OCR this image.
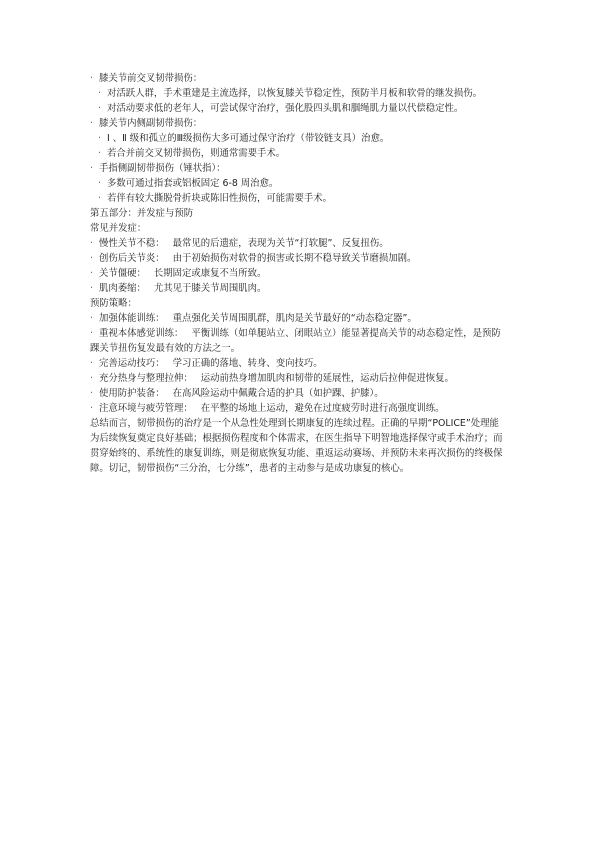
· 膝关节前交叉韧带损伤：
· 对活跃人群，手术重建是主流选择，以恢复膝关节稳定性，预防半月板和软骨的继发损伤。
· 对活动要求低的老年人，可尝试保守治疗，强化股四头肌和腘绳肌力量以代偿稳定性。
· 膝关节内侧副韧带损伤：
· Ⅰ 、Ⅱ 级和孤立的Ⅲ级损伤大多可通过保守治疗（带铰链支具）治愈。
· 若合并前交叉韧带损伤，则通常需要手术。
· 手指侧副韧带损伤（锤状指）：
· 多数可通过指套或铝板固定 6-8 周治愈。
· 若伴有较大撕脱骨折块或陈旧性损伤，可能需要手术。
第五部分：并发症与预防
常见并发症：
· 慢性关节不稳： 最常见的后遗症，表现为关节“打软腿”、反复扭伤。
· 创伤后关节炎： 由于初始损伤对软骨的损害或长期不稳导致关节磨损加剧。
· 关节僵硬： 长期固定或康复不当所致。
· 肌肉萎缩： 尤其见于膝关节周围肌肉。
预防策略：
· 加强体能训练： 重点强化关节周围肌群，肌肉是关节最好的“动态稳定器”。
· 重视本体感觉训练： 平衡训练（如单腿站立、闭眼站立）能显著提高关节的动态稳定性，是预防踝关节扭伤复发最有效的方法之一。
· 完善运动技巧： 学习正确的落地、转身、变向技巧。
· 充分热身与整理拉伸： 运动前热身增加肌肉和韧带的延展性，运动后拉伸促进恢复。
· 使用防护装备： 在高风险运动中佩戴合适的护具（如护踝、护膝）。
· 注意环境与疲劳管理： 在平整的场地上运动，避免在过度疲劳时进行高强度训练。
总结而言，韧带损伤的治疗是一个从急性处理到长期康复的连续过程。正确的早期“POLICE”处理能为后续恢复奠定良好基础；根据损伤程度和个体需求，在医生指导下明智地选择保守或手术治疗；而贯穿始终的、系统性的康复训练，则是彻底恢复功能、重返运动赛场、并预防未来再次损伤的终极保障。切记，韧带损伤“三分治，七分练”，患者的主动参与是成功康复的核心。
